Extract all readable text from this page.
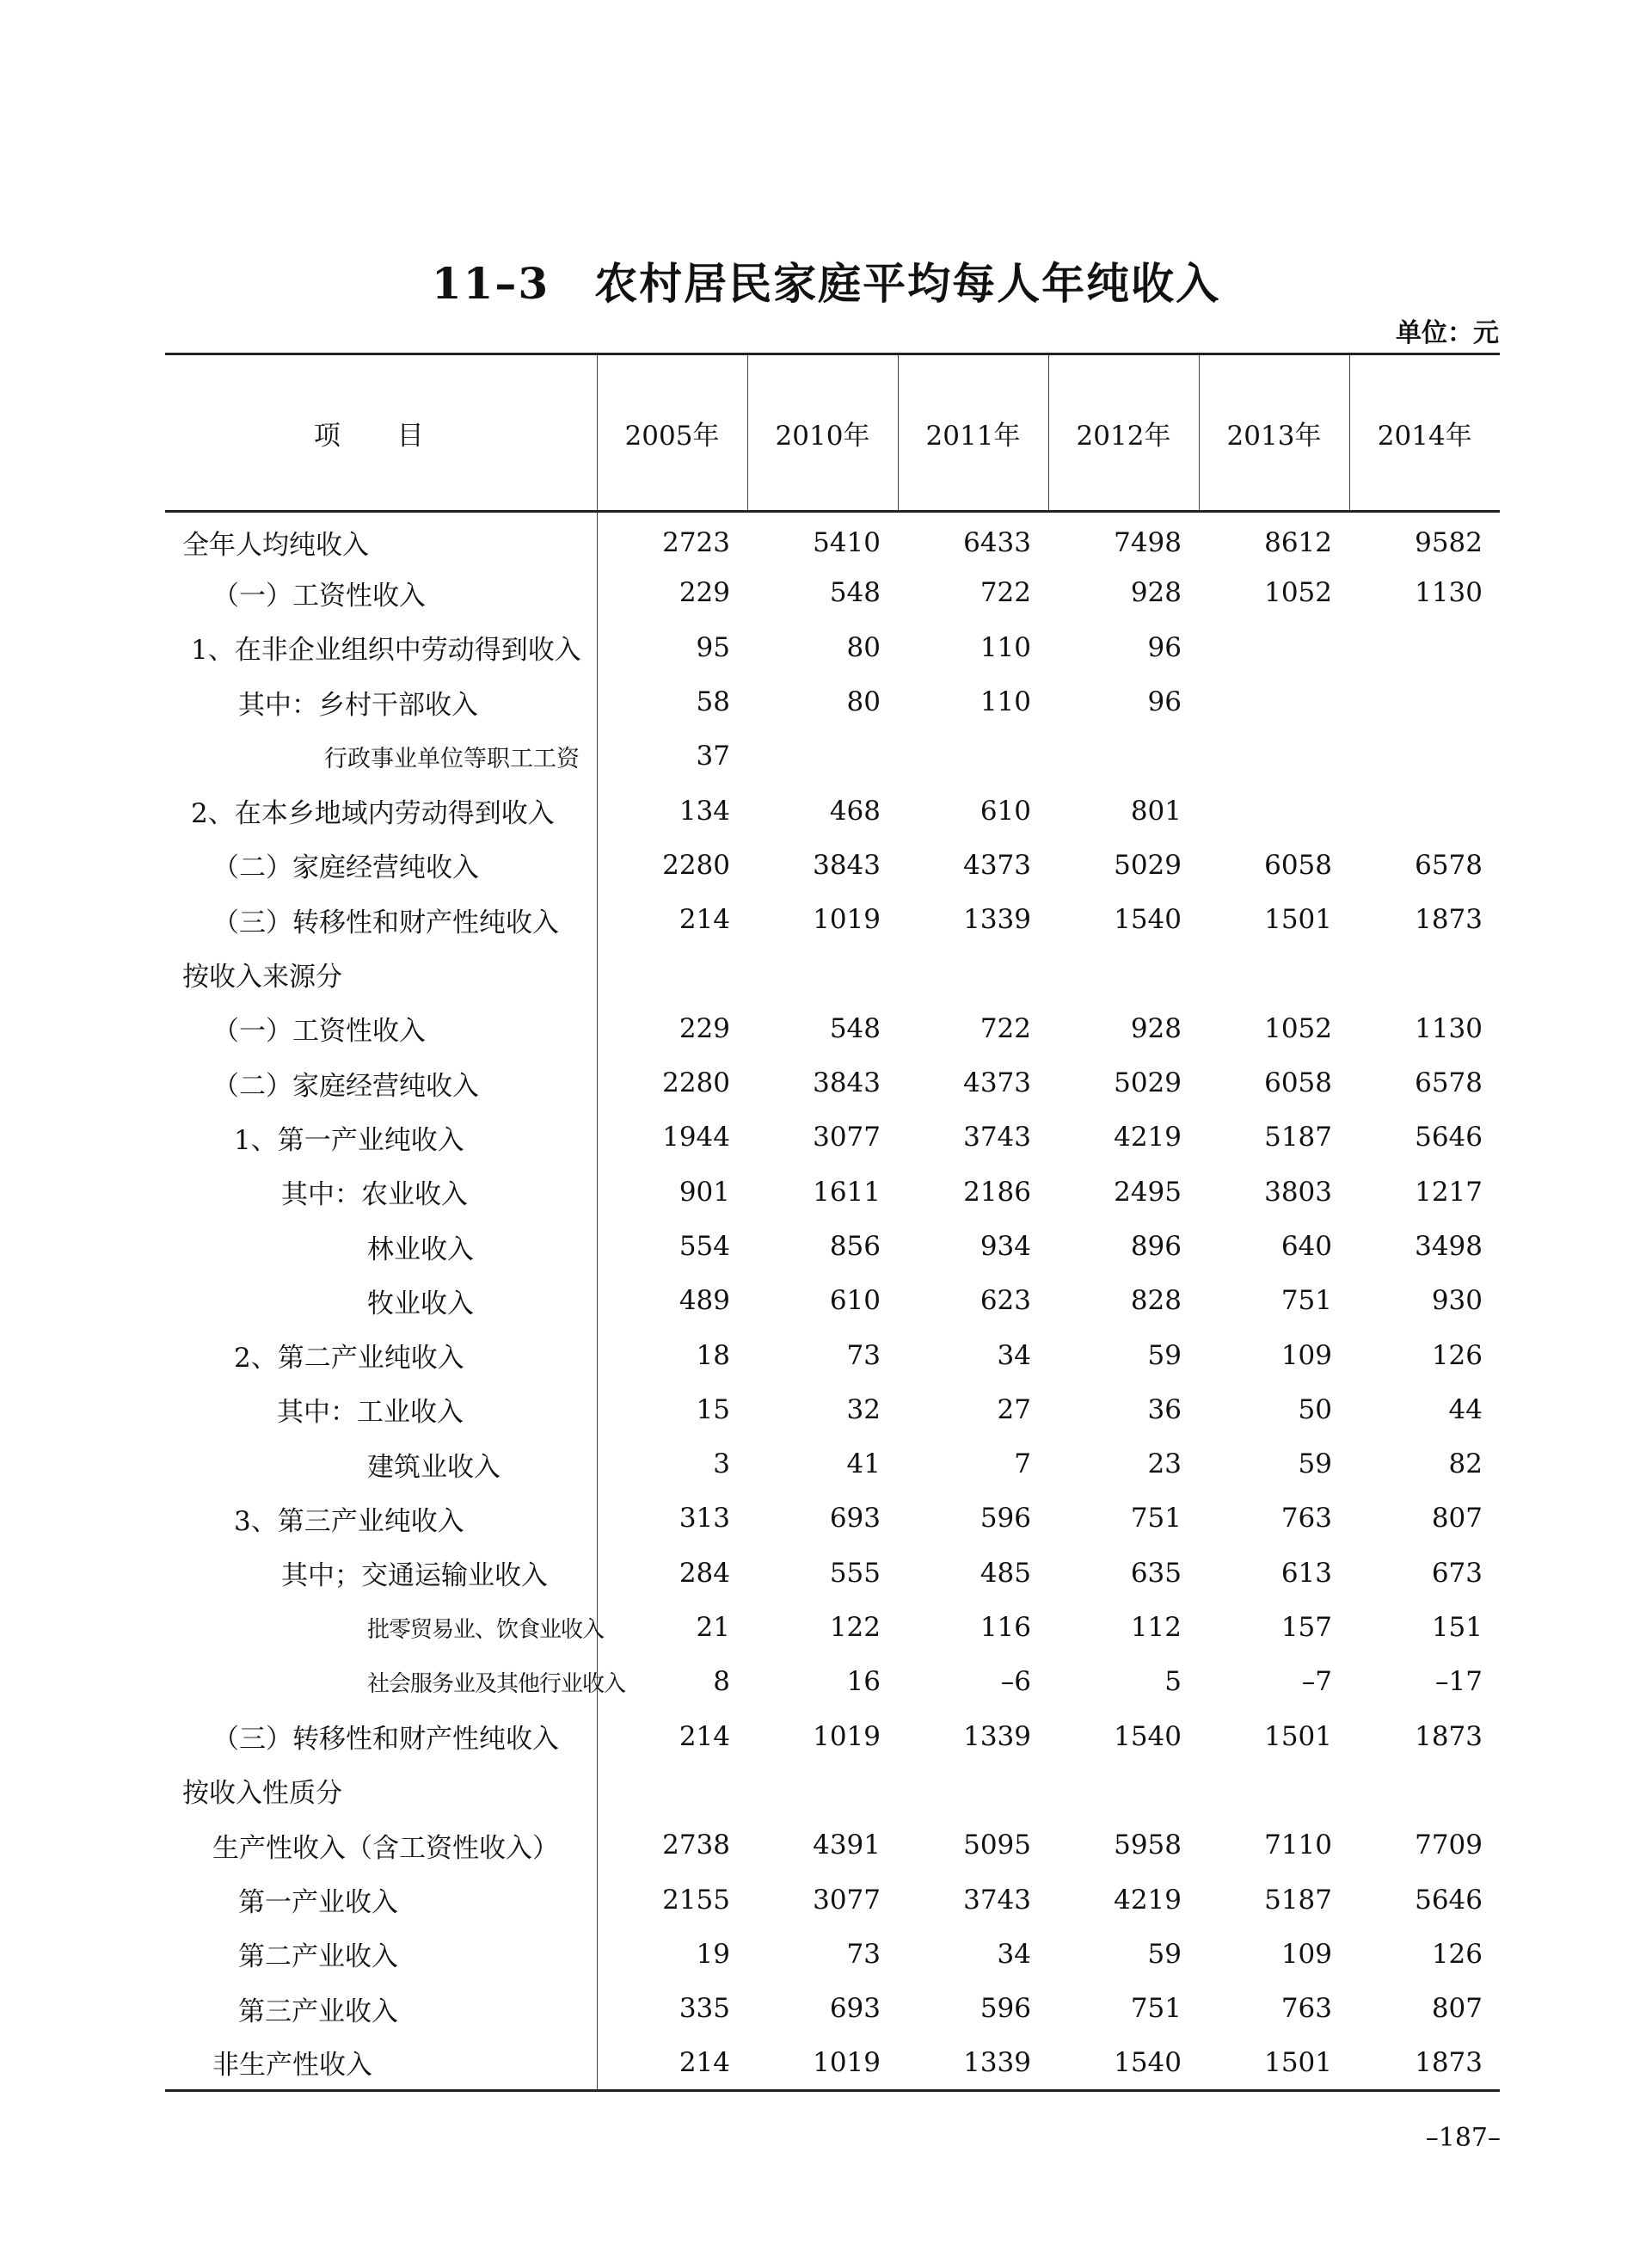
11–3 农村居民家庭平均每人年纯收入
单位：元
项 目	2005年	2010年	2011年	2012年	2013年	2014年
全年人均纯收入	2723	5410	6433	7498	8612	9582
（一）工资性收入	229	548	722	928	1052	1130
1、在非企业组织中劳动得到收入	95	80	110	96		
其中：乡村干部收入	58	80	110	96		
行政事业单位等职工工资	37					
2、在本乡地域内劳动得到收入	134	468	610	801		
（二）家庭经营纯收入	2280	3843	4373	5029	6058	6578
（三）转移性和财产性纯收入	214	1019	1339	1540	1501	1873
按收入来源分						
（一）工资性收入	229	548	722	928	1052	1130
（二）家庭经营纯收入	2280	3843	4373	5029	6058	6578
1、第一产业纯收入	1944	3077	3743	4219	5187	5646
其中：农业收入	901	1611	2186	2495	3803	1217
林业收入	554	856	934	896	640	3498
牧业收入	489	610	623	828	751	930
2、第二产业纯收入	18	73	34	59	109	126
其中：工业收入	15	32	27	36	50	44
建筑业收入	3	41	7	23	59	82
3、第三产业纯收入	313	693	596	751	763	807
其中；交通运输业收入	284	555	485	635	613	673
批零贸易业、饮食业收入	21	122	116	112	157	151
社会服务业及其他行业收入	8	16	–6	5	–7	–17
（三）转移性和财产性纯收入	214	1019	1339	1540	1501	1873
按收入性质分						
生产性收入（含工资性收入）	2738	4391	5095	5958	7110	7709
第一产业收入	2155	3077	3743	4219	5187	5646
第二产业收入	19	73	34	59	109	126
第三产业收入	335	693	596	751	763	807
非生产性收入	214	1019	1339	1540	1501	1873
–187–
